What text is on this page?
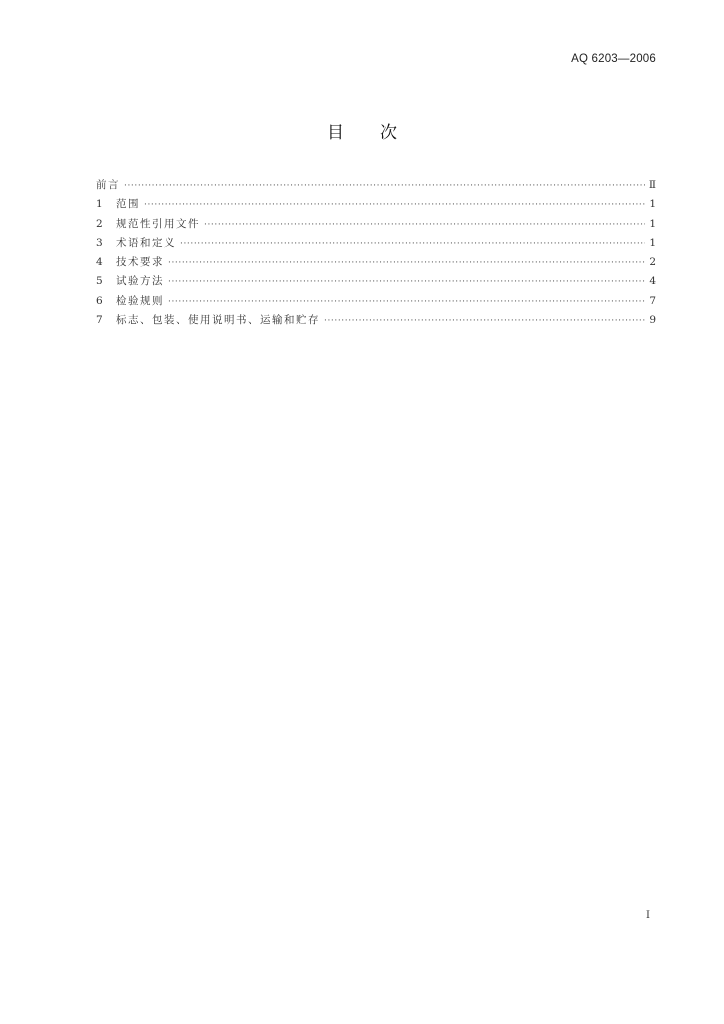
AQ 6203—2006
目次
前言 ·····	Ⅱ
1	范围 ·····	1
2	规范性引用文件 ·····	1
3	术语和定义 ·····	1
4	技术要求 ·····	2
5	试验方法 ·····	4
6	检验规则 ·····	7
7	标志、包装、使用说明书、运输和贮存 ·····	9
Ⅰ
